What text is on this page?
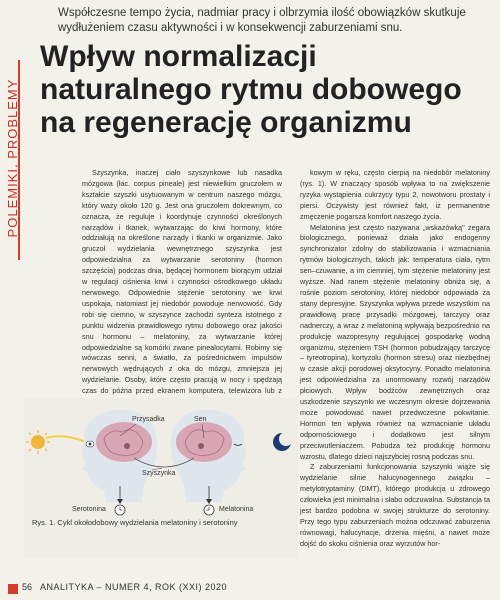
Współczesne tempo życia, nadmiar pracy i olbrzymia ilość obowiązków skutkuje wydłużeniem czasu aktywności i w konsekwencji zaburzeniami snu.
POLEMIKI, PROBLEMY
Wpływ normalizacji naturalnego rytmu dobowego na regenerację organizmu

Szyszynka, inaczej ciało szyszynkowe lub nasadka mózgowa (łac. corpus pineale) jest niewielkim gruczołem w kształcie szyszki usytuowanym w centrum naszego mózgu, który waży około 120 g. Jest ona gruczołem dokrewnym, co oznacza, że reguluje i koordynuje czynności określonych narządów i tkanek, wytwarzając do krwi hormony, które oddziałują na określone narządy i tkanki w organizmie. Jako gruczoł wydzielania wewnętrznego szyszynka jest odpowiedzialna za wytwarzanie serotoniny (hormon szczęścia) podczas dnia, będącej hormonem biorącym udział w regulacji ciśnienia krwi i czynności ośrodkowego układu nerwowego. Odpowiednie stężenie serotoniny we krwi uspokaja, natomiast jej niedobór powoduje nerwowość. Gdy robi się ciemno, w szyszynce zachodzi synteza istotnego z punktu widzenia prawidłowego rytmu dobowego oraz jakości snu hormonu – melatoniny, za wytwarzanie której odpowiedzialne są komórki zwane pinealocytami. Robimy się wówczas senni, a światło, za pośrednictwem impulsów nerwowych wędrujących z oka do mózgu, zmniejsza jej wydzielanie. Osoby, które często pracują w nocy i spędzają czas do późna przed ekranem komputera, telewizora lub z

kowym w ręku, często cierpią na niedobór melatoniny (rys. 1). W znaczący sposób wpływa to na zwiększenie ryzyka wystąpienia cukrzycy typu 2, nowotworu prostaty i piersi. Oczywisty jest również fakt, iż permanentne zmęczenie pogarsza komfort naszego życia.

Melatonina jest często nazywana „wskazówką" zegara biologicznego, ponieważ działa jako endogenny synchronizator zdolny do stabilizowania i wzmacniania rytmów biologicznych, takich jak: temperatura ciała, rytm sen–czuwanie, a im ciemniej, tym stężenie melatoniny jest wyższe. Nad ranem stężenie melatoniny obniża się, a rośnie poziom serotoniny, której niedobór odpowiada za stany depresyjne. Szyszynka wpływa przede wszystkim na prawidłową pracę przysadki mózgowej, tarczycy oraz nadnerczy, a wraz z melatoniną wpływają bezpośrednio na produkcję wazopresyny regulującej gospodarkę wodną organizmu, stężeniem TSH (hormon pobudzający tarczycę – tyreotropina), kortyzolu (hormon stresu) oraz niezbędnej w czasie akcji porodowej oksytocyny. Ponadto melatonina jest odpowiedzialna za unormowany rozwój narządów płciowych. Wpływ bodźców zewnętrznych oraz uszkodzenie szyszynki we wczesnym okresie dojrzewania może powodować nawet przedwczesne pokwitanie. Hormon ten wpływa również na wzmacnianie układu odpornościowego i dodatkowo jest silnym przeciwutleniaczem. Pobudza też produkcję hormonu wzrostu, dlatego dzieci najszybciej rosną podczas snu.

Z zaburzeniami funkcjonowania szyszynki wiąże się wydzielanie silnie halucynogennego związku – metylotryptaminy (DMT), którego produkcja u zdrowego człowieka jest minimalna i słabo odczuwalna. Substancja ta jest bardzo podobna w swojej strukturze do serotoniny. Przy tego typu zaburzeniach można odczuwać zaburzenia równowagi, halucynacje, drżenia mięśni, a nawet może dojść do skoku ciśnienia oraz wyrzutów hor-

Przysadka	Sen
Szyszynka
Serotonina	Melatonina
Rys. 1. Cykl okołodobowy wydzielania melatoniny i serotoniny
56 ANALITYKA – NUMER 4, ROK (XXI) 2020
